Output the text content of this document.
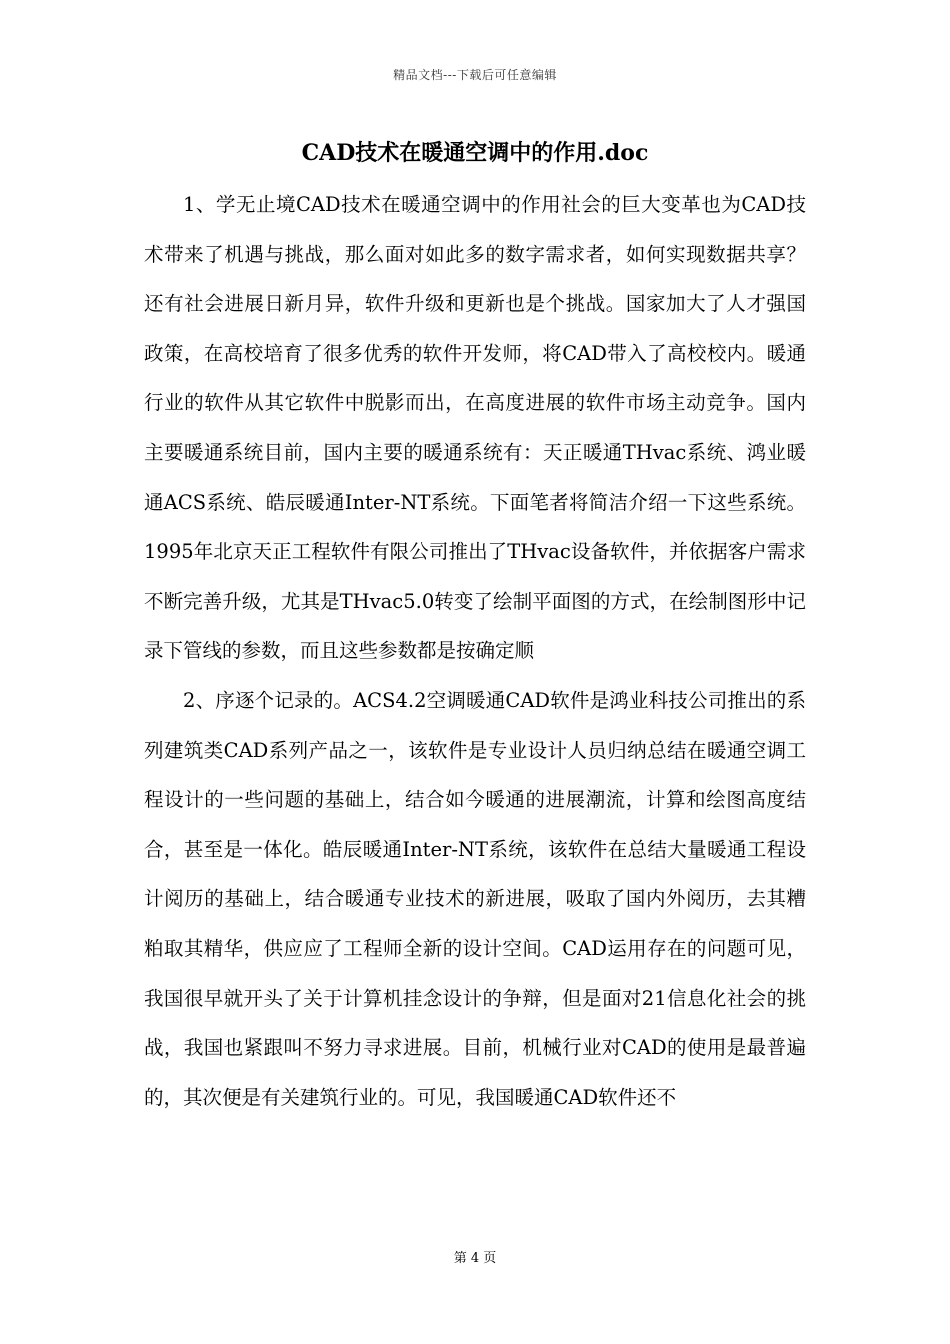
精品文档---下载后可任意编辑
CAD技术在暖通空调中的作用.doc

1、学无止境CAD技术在暖通空调中的作用社会的巨大变革也为CAD技术带来了机遇与挑战，那么面对如此多的数字需求者，如何实现数据共享？还有社会进展日新月异，软件升级和更新也是个挑战。国家加大了人才强国政策，在高校培育了很多优秀的软件开发师，将CAD带入了高校校内。暖通行业的软件从其它软件中脱影而出，在高度进展的软件市场主动竞争。国内主要暖通系统目前，国内主要的暖通系统有：天正暖通THvac系统、鸿业暖通ACS系统、皓辰暖通Inter-NT系统。下面笔者将简洁介绍一下这些系统。1995年北京天正工程软件有限公司推出了THvac设备软件，并依据客户需求不断完善升级，尤其是THvac5.0转变了绘制平面图的方式，在绘制图形中记录下管线的参数，而且这些参数都是按确定顺

2、序逐个记录的。ACS4.2空调暖通CAD软件是鸿业科技公司推出的系列建筑类CAD系列产品之一，该软件是专业设计人员归纳总结在暖通空调工程设计的一些问题的基础上，结合如今暖通的进展潮流，计算和绘图高度结合，甚至是一体化。皓辰暖通Inter-NT系统，该软件在总结大量暖通工程设计阅历的基础上，结合暖通专业技术的新进展，吸取了国内外阅历，去其糟粕取其精华，供应应了工程师全新的设计空间。CAD运用存在的问题可见，我国很早就开头了关于计算机挂念设计的争辩，但是面对21信息化社会的挑战，我国也紧跟叫不努力寻求进展。目前，机械行业对CAD的使用是最普遍的，其次便是有关建筑行业的。可见，我国暖通CAD软件还不

第 4 页
